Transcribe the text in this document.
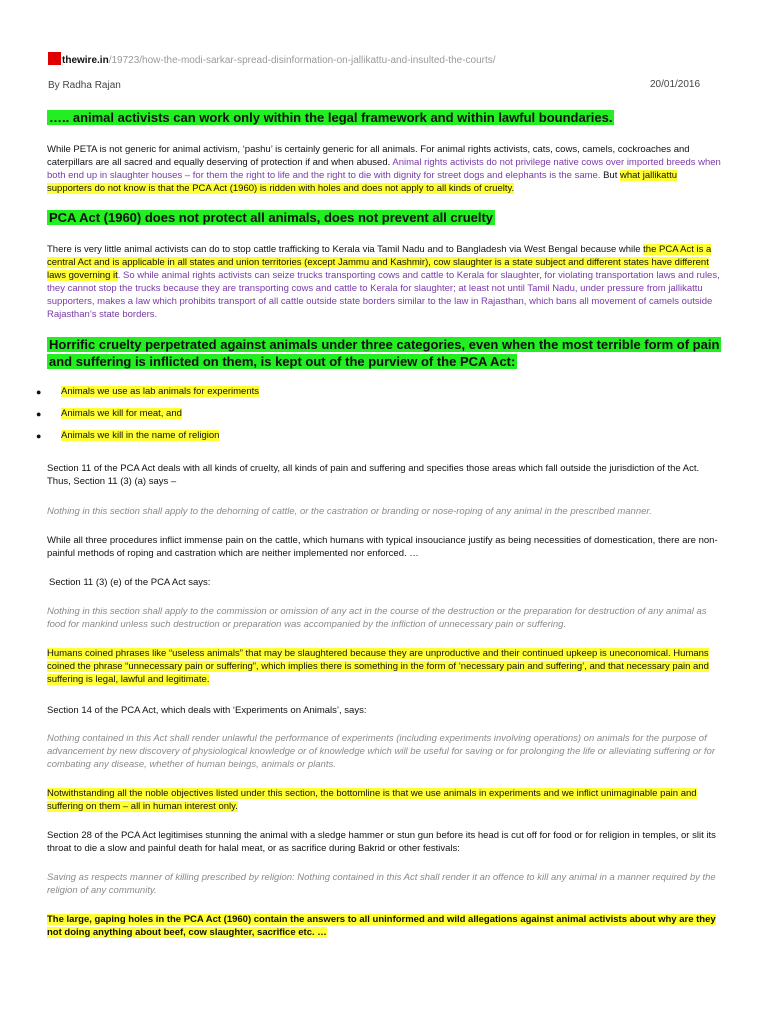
thewire.in/19723/how-the-modi-sarkar-spread-disinformation-on-jallikattu-and-insulted-the-courts/
By Radha Rajan	20/01/2016
….. animal activists can work only within the legal framework and within lawful boundaries.
While PETA is not generic for animal activism, ‘pashu’ is certainly generic for all animals. For animal rights activists, cats, cows, camels, cockroaches and caterpillars are all sacred and equally deserving of protection if and when abused. Animal rights activists do not privilege native cows over imported breeds when both end up in slaughter houses – for them the right to life and the right to die with dignity for street dogs and elephants is the same. But what jallikattu supporters do not know is that the PCA Act (1960) is ridden with holes and does not apply to all kinds of cruelty.
PCA Act (1960) does not protect all animals, does not prevent all cruelty
There is very little animal activists can do to stop cattle trafficking to Kerala via Tamil Nadu and to Bangladesh via West Bengal because while the PCA Act is a central Act and is applicable in all states and union territories (except Jammu and Kashmir), cow slaughter is a state subject and different states have different laws governing it. So while animal rights activists can seize trucks transporting cows and cattle to Kerala for slaughter, for violating transportation laws and rules, they cannot stop the trucks because they are transporting cows and cattle to Kerala for slaughter; at least not until Tamil Nadu, under pressure from jallikattu supporters, makes a law which prohibits transport of all cattle outside state borders similar to the law in Rajasthan, which bans all movement of camels outside Rajasthan’s state borders.
Horrific cruelty perpetrated against animals under three categories, even when the most terrible form of pain and suffering is inflicted on them, is kept out of the purview of the PCA Act:
● Animals we use as lab animals for experiments
● Animals we kill for meat, and
● Animals we kill in the name of religion
Section 11 of the PCA Act deals with all kinds of cruelty, all kinds of pain and suffering and specifies those areas which fall outside the jurisdiction of the Act. Thus, Section 11 (3) (a) says –
Nothing in this section shall apply to the dehorning of cattle, or the castration or branding or nose-roping of any animal in the prescribed manner.
While all three procedures inflict immense pain on the cattle, which humans with typical insouciance justify as being necessities of domestication, there are non-painful methods of roping and castration which are neither implemented nor enforced. …
Section 11 (3) (e) of the PCA Act says:
Nothing in this section shall apply to the commission or omission of any act in the course of the destruction or the preparation for destruction of any animal as food for mankind unless such destruction or preparation was accompanied by the infliction of unnecessary pain or suffering.
Humans coined phrases like “useless animals” that may be slaughtered because they are unproductive and their continued upkeep is uneconomical. Humans coined the phrase “unnecessary pain or suffering”, which implies there is something in the form of ‘necessary pain and suffering’, and that necessary pain and suffering is legal, lawful and legitimate.
Section 14 of the PCA Act, which deals with ‘Experiments on Animals’, says:
Nothing contained in this Act shall render unlawful the performance of experiments (including experiments involving operations) on animals for the purpose of advancement by new discovery of physiological knowledge or of knowledge which will be useful for saving or for prolonging the life or alleviating suffering or for combating any disease, whether of human beings, animals or plants.
Notwithstanding all the noble objectives listed under this section, the bottomline is that we use animals in experiments and we inflict unimaginable pain and suffering on them – all in human interest only.
Section 28 of the PCA Act legitimises stunning the animal with a sledge hammer or stun gun before its head is cut off for food or for religion in temples, or slit its throat to die a slow and painful death for halal meat, or as sacrifice during Bakrid or other festivals:
Saving as respects manner of killing prescribed by religion: Nothing contained in this Act shall render it an offence to kill any animal in a manner required by the religion of any community.
The large, gaping holes in the PCA Act (1960) contain the answers to all uninformed and wild allegations against animal activists about why are they not doing anything about beef, cow slaughter, sacrifice etc. …
